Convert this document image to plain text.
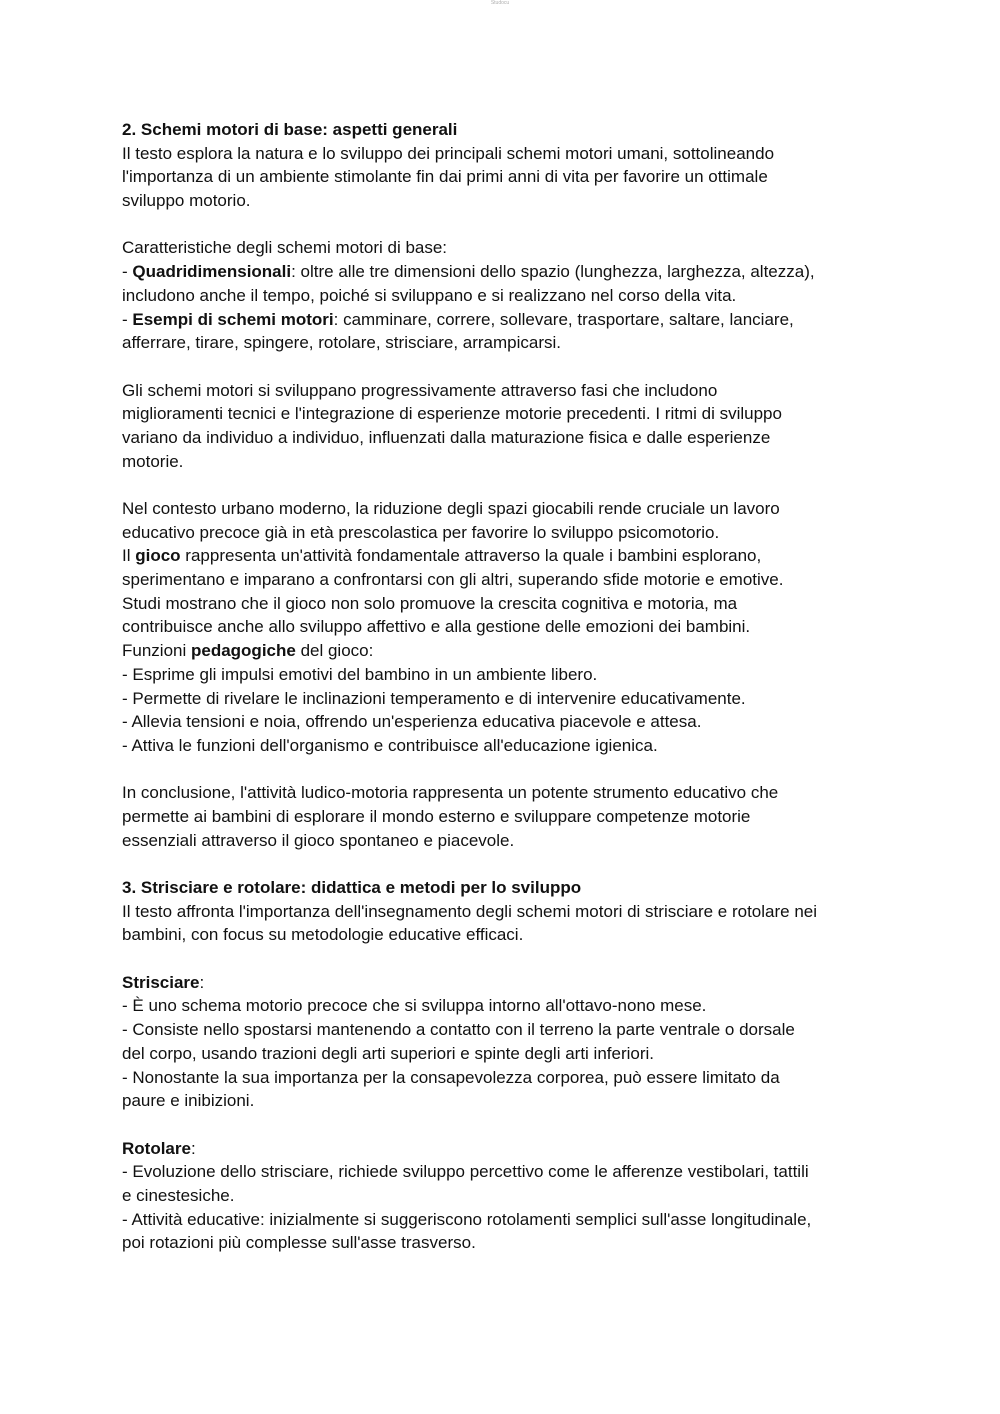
Studocu
2. Schemi motori di base: aspetti generali
Il testo esplora la natura e lo sviluppo dei principali schemi motori umani, sottolineando
l'importanza di un ambiente stimolante fin dai primi anni di vita per favorire un ottimale
sviluppo motorio.
Caratteristiche degli schemi motori di base:
- Quadridimensionali: oltre alle tre dimensioni dello spazio (lunghezza, larghezza, altezza),
includono anche il tempo, poiché si sviluppano e si realizzano nel corso della vita.
- Esempi di schemi motori: camminare, correre, sollevare, trasportare, saltare, lanciare,
afferrare, tirare, spingere, rotolare, strisciare, arrampicarsi.
Gli schemi motori si sviluppano progressivamente attraverso fasi che includono
miglioramenti tecnici e l'integrazione di esperienze motorie precedenti. I ritmi di sviluppo
variano da individuo a individuo, influenzati dalla maturazione fisica e dalle esperienze
motorie.
Nel contesto urbano moderno, la riduzione degli spazi giocabili rende cruciale un lavoro
educativo precoce già in età prescolastica per favorire lo sviluppo psicomotorio.
Il gioco rappresenta un'attività fondamentale attraverso la quale i bambini esplorano,
sperimentano e imparano a confrontarsi con gli altri, superando sfide motorie e emotive.
Studi mostrano che il gioco non solo promuove la crescita cognitiva e motoria, ma
contribuisce anche allo sviluppo affettivo e alla gestione delle emozioni dei bambini.
Funzioni pedagogiche del gioco:
- Esprime gli impulsi emotivi del bambino in un ambiente libero.
- Permette di rivelare le inclinazioni temperamento e di intervenire educativamente.
- Allevia tensioni e noia, offrendo un'esperienza educativa piacevole e attesa.
- Attiva le funzioni dell'organismo e contribuisce all'educazione igienica.
In conclusione, l'attività ludico-motoria rappresenta un potente strumento educativo che
permette ai bambini di esplorare il mondo esterno e sviluppare competenze motorie
essenziali attraverso il gioco spontaneo e piacevole.
3. Strisciare e rotolare: didattica e metodi per lo sviluppo
Il testo affronta l'importanza dell'insegnamento degli schemi motori di strisciare e rotolare nei
bambini, con focus su metodologie educative efficaci.
Strisciare:
- È uno schema motorio precoce che si sviluppa intorno all'ottavo-nono mese.
- Consiste nello spostarsi mantenendo a contatto con il terreno la parte ventrale o dorsale
del corpo, usando trazioni degli arti superiori e spinte degli arti inferiori.
- Nonostante la sua importanza per la consapevolezza corporea, può essere limitato da
paure e inibizioni.
Rotolare:
- Evoluzione dello strisciare, richiede sviluppo percettivo come le afferenze vestibolari, tattili
e cinestesiche.
- Attività educative: inizialmente si suggeriscono rotolamenti semplici sull'asse longitudinale,
poi rotazioni più complesse sull'asse trasverso.
